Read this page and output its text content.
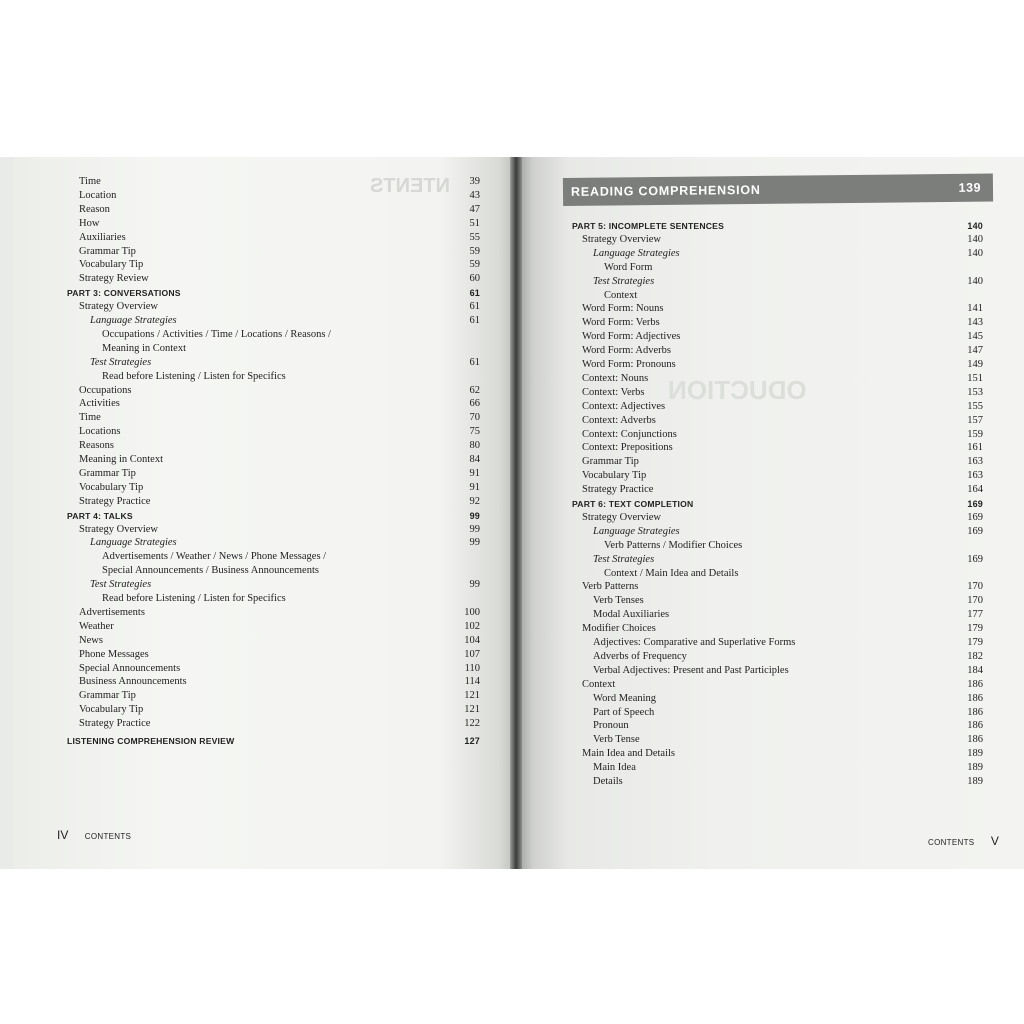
NTENTS
Time	39
Location	43
Reason	47
How	51
Auxiliaries	55
Grammar Tip	59
Vocabulary Tip	59
Strategy Review	60
PART 3: CONVERSATIONS	61
Strategy Overview	61
Language Strategies	61
Occupations / Activities / Time / Locations / Reasons /
Meaning in Context
Test Strategies	61
Read before Listening / Listen for Specifics
Occupations	62
Activities	66
Time	70
Locations	75
Reasons	80
Meaning in Context	84
Grammar Tip	91
Vocabulary Tip	91
Strategy Practice	92
PART 4: TALKS	99
Strategy Overview	99
Language Strategies	99
Advertisements / Weather / News / Phone Messages /
Special Announcements / Business Announcements
Test Strategies	99
Read before Listening / Listen for Specifics
Advertisements	100
Weather	102
News	104
Phone Messages	107
Special Announcements	110
Business Announcements	114
Grammar Tip	121
Vocabulary Tip	121
Strategy Practice	122
LISTENING COMPREHENSION REVIEW	127
ODUCTION
PART 5: INCOMPLETE SENTENCES	140
Strategy Overview	140
Language Strategies	140
Word Form
Test Strategies	140
Context
Word Form: Nouns	141
Word Form: Verbs	143
Word Form: Adjectives	145
Word Form: Adverbs	147
Word Form: Pronouns	149
Context: Nouns	151
Context: Verbs	153
Context: Adjectives	155
Context: Adverbs	157
Context: Conjunctions	159
Context: Prepositions	161
Grammar Tip	163
Vocabulary Tip	163
Strategy Practice	164
PART 6: TEXT COMPLETION	169
Strategy Overview	169
Language Strategies	169
Verb Patterns / Modifier Choices
Test Strategies	169
Context / Main Idea and Details
Verb Patterns	170
Verb Tenses	170
Modal Auxiliaries	177
Modifier Choices	179
Adjectives: Comparative and Superlative Forms	179
Adverbs of Frequency	182
Verbal Adjectives: Present and Past Participles	184
Context	186
Word Meaning	186
Part of Speech	186
Pronoun	186
Verb Tense	186
Main Idea and Details	189
Main Idea	189
Details	189
READING COMPREHENSION	139
IV CONTENTS
CONTENTS V
